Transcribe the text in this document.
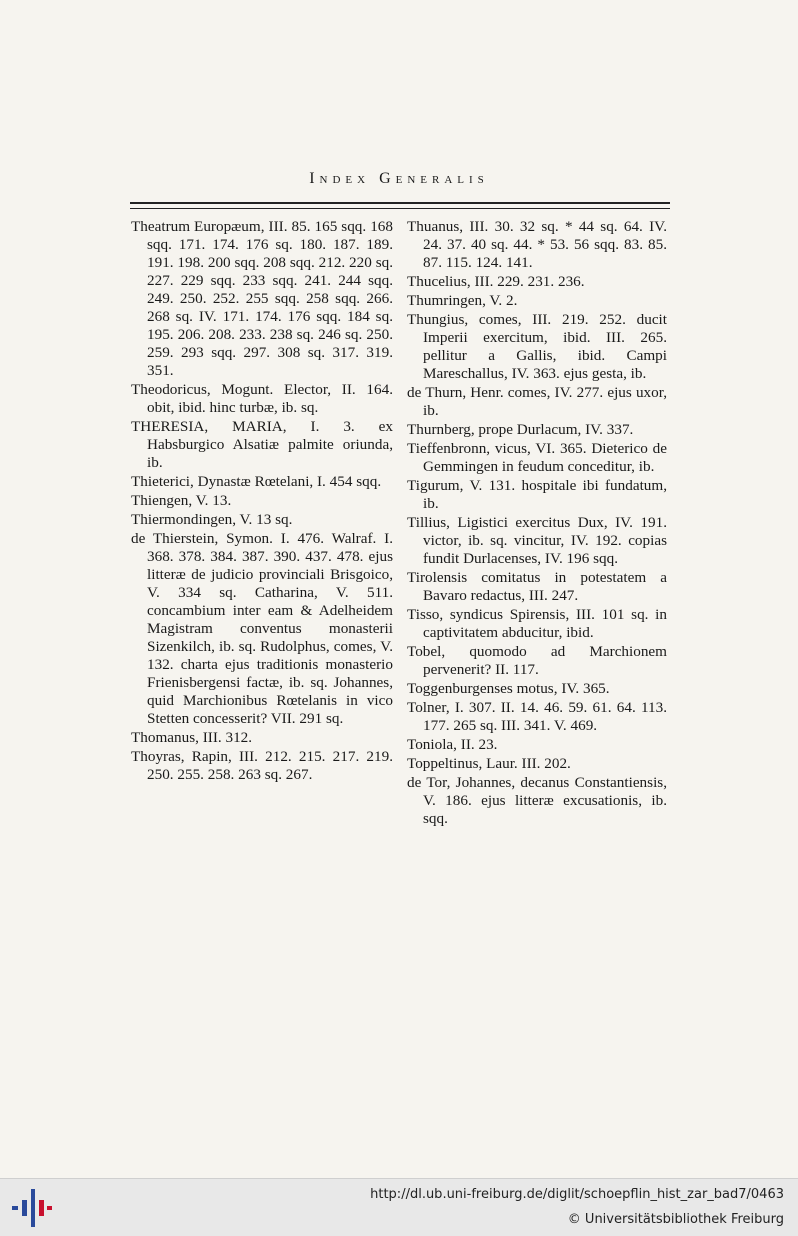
Index Generalis
Theatrum Europæum, III. 85. 165 sqq. 168 sqq. 171. 174. 176 sq. 180. 187. 189. 191. 198. 200 sqq. 208 sqq. 212. 220 sq. 227. 229 sqq. 233 sqq. 241. 244 sqq. 249. 250. 252. 255 sqq. 258 sqq. 266. 268 sq. IV. 171. 174. 176 sqq. 184 sq. 195. 206. 208. 233. 238 sq. 246 sq. 250. 259. 293 sqq. 297. 308 sq. 317. 319. 351.
Theodoricus, Mogunt. Elector, II. 164. obit, ibid. hinc turbæ, ib. sq.
THERESIA, MARIA, I. 3. ex Habsburgico Alsatiæ palmite oriunda, ib.
Thieterici, Dynastæ Rœtelani, I. 454 sqq.
Thiengen, V. 13.
Thiermondingen, V. 13 sq.
de Thierstein, Symon. I. 476. Walraf. I. 368. 378. 384. 387. 390. 437. 478. ejus litteræ de judicio provinciali Brisgoico, V. 334 sq. Catharina, V. 511. concambium inter eam & Adelheidem Magistram conventus monasterii Sizenkilch, ib. sq. Rudolphus, comes, V. 132. charta ejus traditionis monasterio Frienisbergensi factæ, ib. sq. Johannes, quid Marchionibus Rœtelanis in vico Stetten concesserit? VII. 291 sq.
Thomanus, III. 312.
Thoyras, Rapin, III. 212. 215. 217. 219. 250. 255. 258. 263 sq. 267.
Thuanus, III. 30. 32 sq. * 44 sq. 64. IV. 24. 37. 40 sq. 44. * 53. 56 sqq. 83. 85. 87. 115. 124. 141.
Thucelius, III. 229. 231. 236.
Thumringen, V. 2.
Thungius, comes, III. 219. 252. ducit Imperii exercitum, ibid. III. 265. pellitur a Gallis, ibid. Campi Mareschallus, IV. 363. ejus gesta, ib.
de Thurn, Henr. comes, IV. 277. ejus uxor, ib.
Thurnberg, prope Durlacum, IV. 337.
Tieffenbronn, vicus, VI. 365. Dieterico de Gemmingen in feudum conceditur, ib.
Tigurum, V. 131. hospitale ibi fundatum, ib.
Tillius, Ligistici exercitus Dux, IV. 191. victor, ib. sq. vincitur, IV. 192. copias fundit Durlacenses, IV. 196 sqq.
Tirolensis comitatus in potestatem a Bavaro redactus, III. 247.
Tisso, syndicus Spirensis, III. 101 sq. in captivitatem abducitur, ibid.
Tobel, quomodo ad Marchionem pervenerit? II. 117.
Toggenburgenses motus, IV. 365.
Tolner, I. 307. II. 14. 46. 59. 61. 64. 113. 177. 265 sq. III. 341. V. 469.
Toniola, II. 23.
Toppeltinus, Laur. III. 202.
de Tor, Johannes, decanus Constantiensis, V. 186. ejus litteræ excusationis, ib. sqq.
http://dl.ub.uni-freiburg.de/diglit/schoepflin_hist_zar_bad7/0463
© Universitätsbibliothek Freiburg
